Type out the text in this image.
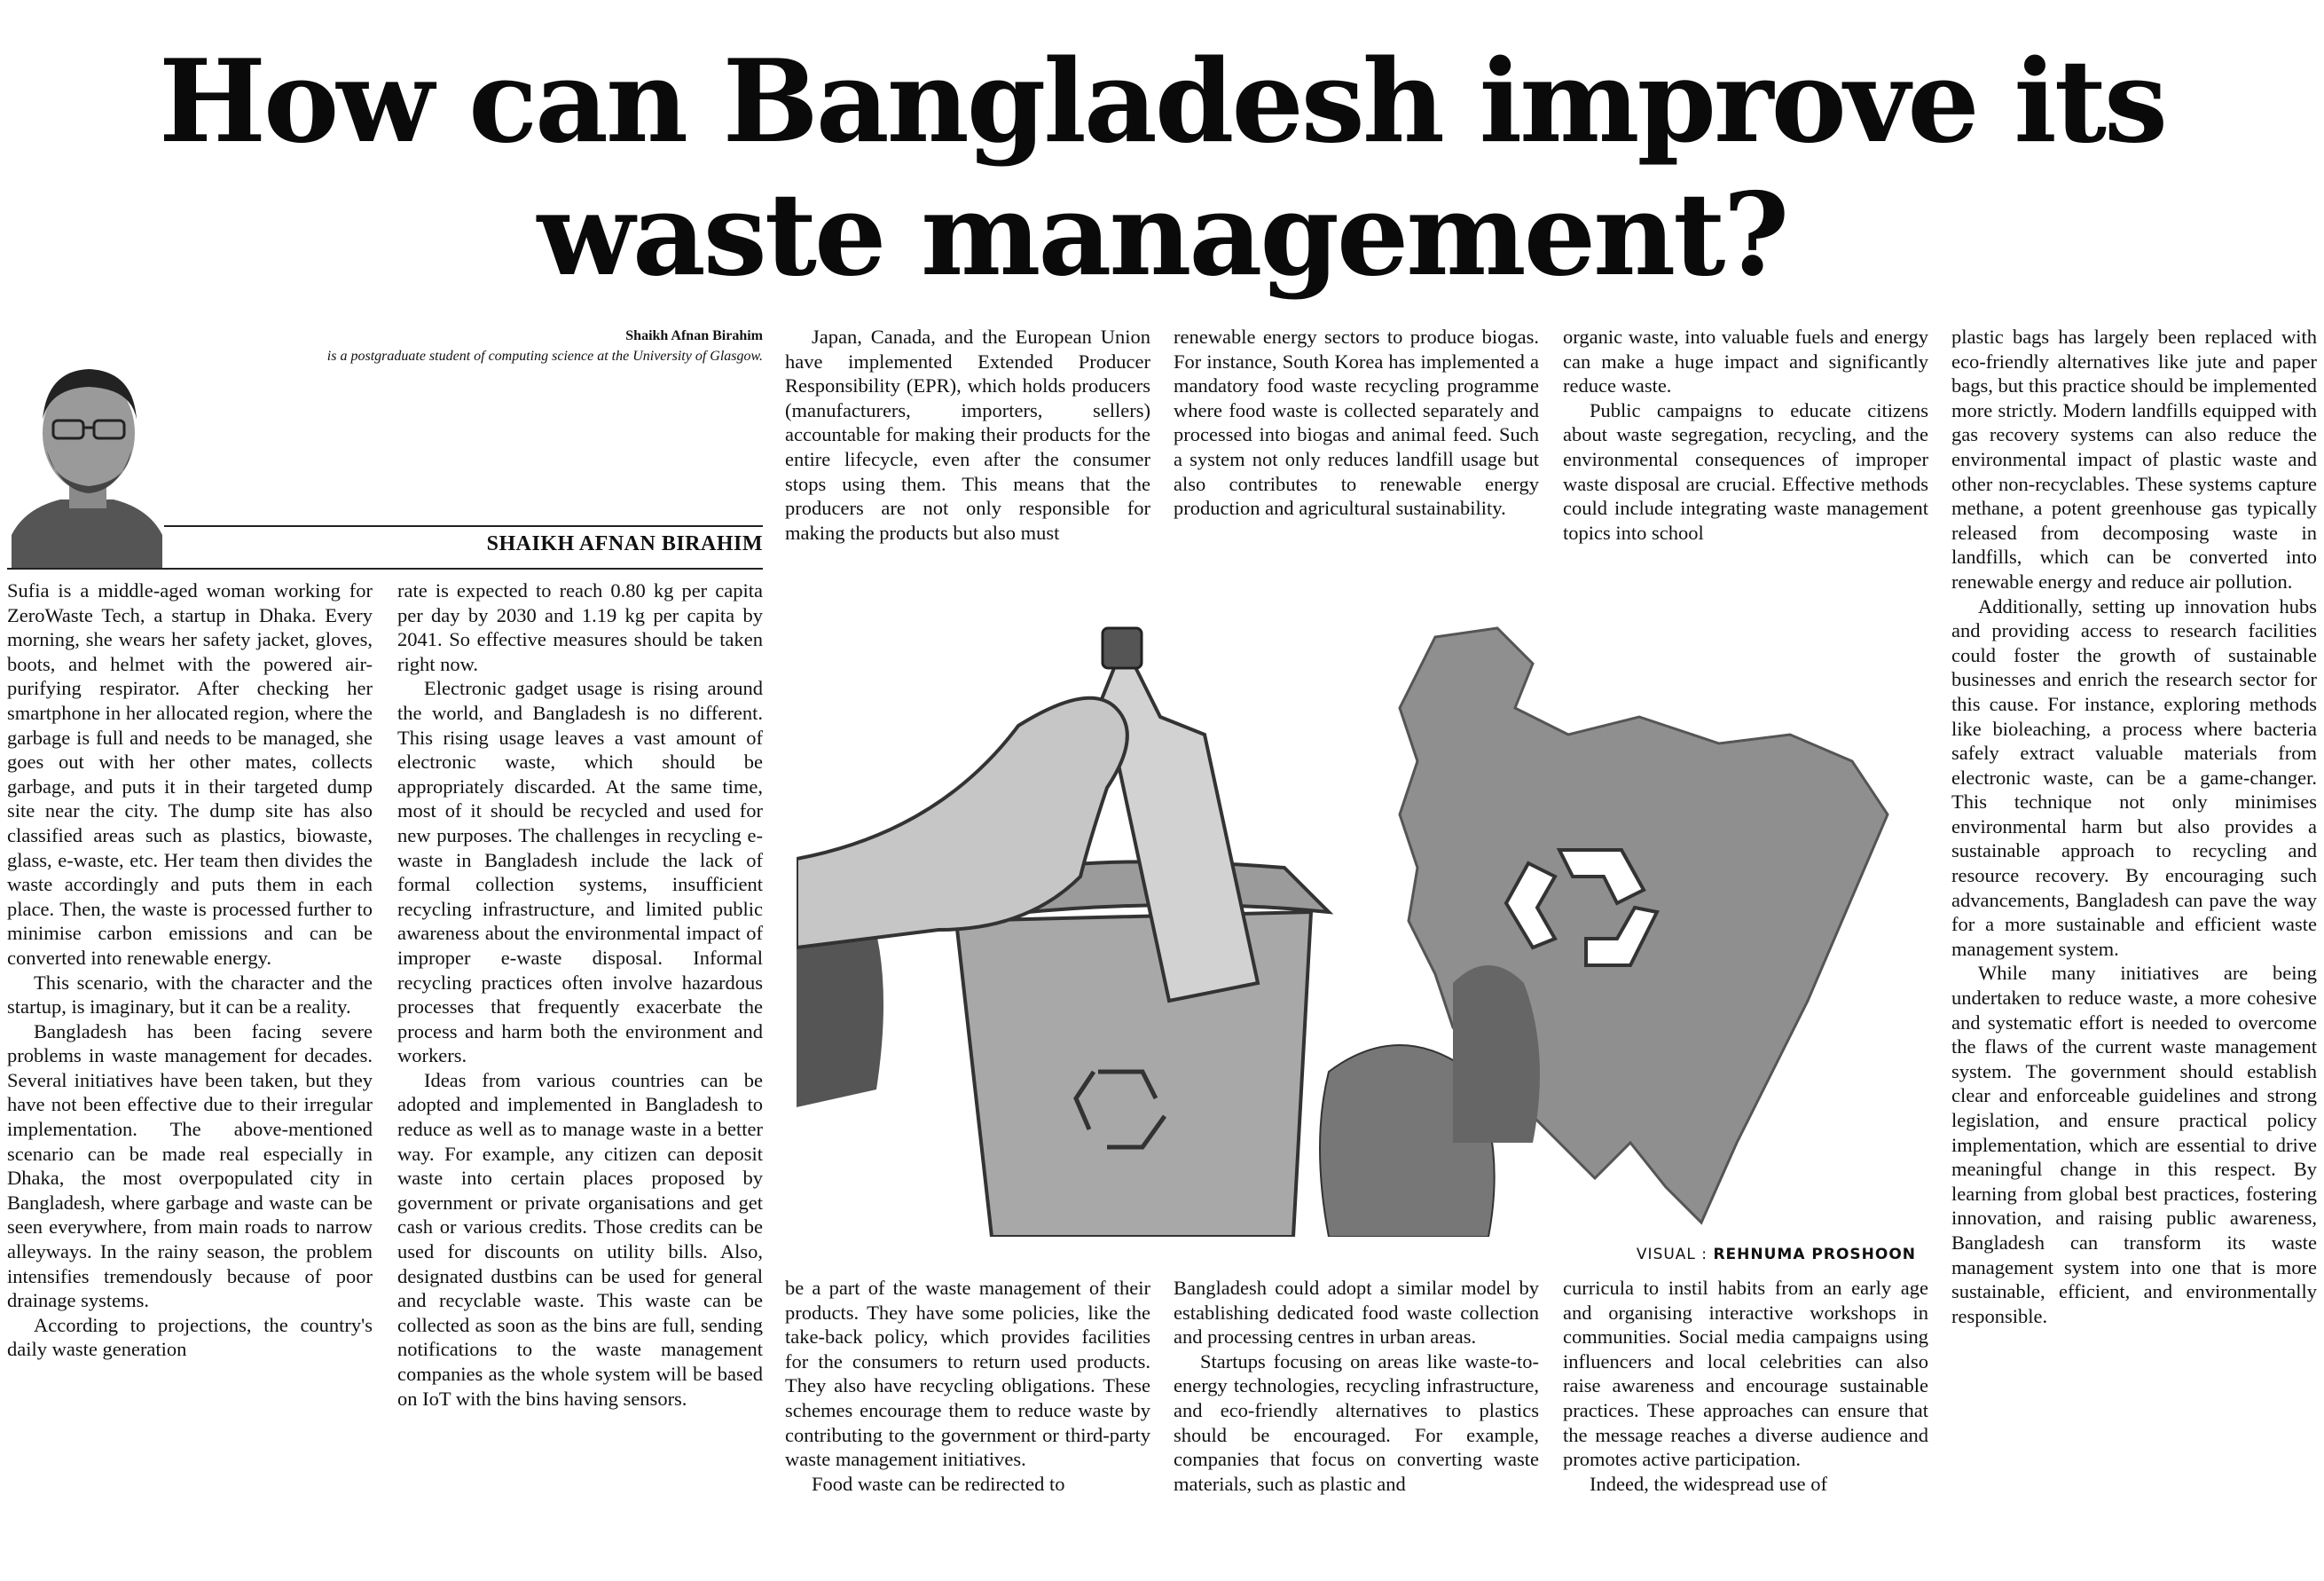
How can Bangladesh improve its
waste management?
Shaikh Afnan Birahim
is a postgraduate student of computing science at the University of Glasgow.
SHAIKH AFNAN BIRAHIM

Sufia is a middle-aged woman working for ZeroWaste Tech, a startup in Dhaka. Every morning, she wears her safety jacket, gloves, boots, and helmet with the powered air-purifying respirator. After checking her smartphone in her allocated region, where the garbage is full and needs to be managed, she goes out with her other mates, collects garbage, and puts it in their targeted dump site near the city. The dump site has also classified areas such as plastics, biowaste, glass, e-waste, etc. Her team then divides the waste accordingly and puts them in each place. Then, the waste is processed further to minimise carbon emissions and can be converted into renewable energy.

This scenario, with the character and the startup, is imaginary, but it can be a reality.

Bangladesh has been facing severe problems in waste management for decades. Several initiatives have been taken, but they have not been effective due to their irregular implementation. The above-mentioned scenario can be made real especially in Dhaka, the most overpopulated city in Bangladesh, where garbage and waste can be seen everywhere, from main roads to narrow alleyways. In the rainy season, the problem intensifies tremendously because of poor drainage systems.

According to projections, the country's daily waste generation

rate is expected to reach 0.80 kg per capita per day by 2030 and 1.19 kg per capita by 2041. So effective measures should be taken right now.

Electronic gadget usage is rising around the world, and Bangladesh is no different. This rising usage leaves a vast amount of electronic waste, which should be appropriately discarded. At the same time, most of it should be recycled and used for new purposes. The challenges in recycling e-waste in Bangladesh include the lack of formal collection systems, insufficient recycling infrastructure, and limited public awareness about the environmental impact of improper e-waste disposal. Informal recycling practices often involve hazardous processes that frequently exacerbate the process and harm both the environment and workers.

Ideas from various countries can be adopted and implemented in Bangladesh to reduce as well as to manage waste in a better way. For example, any citizen can deposit waste into certain places proposed by government or private organisations and get cash or various credits. Those credits can be used for discounts on utility bills. Also, designated dustbins can be used for general and recyclable waste. This waste can be collected as soon as the bins are full, sending notifications to the waste management companies as the whole system will be based on IoT with the bins having sensors.

Japan, Canada, and the European Union have implemented Extended Producer Responsibility (EPR), which holds producers (manufacturers, importers, sellers) accountable for making their products for the entire lifecycle, even after the consumer stops using them. This means that the producers are not only responsible for making the products but also must

renewable energy sectors to produce biogas. For instance, South Korea has implemented a mandatory food waste recycling programme where food waste is collected separately and processed into biogas and animal feed. Such a system not only reduces landfill usage but also contributes to renewable energy production and agricultural sustainability.

organic waste, into valuable fuels and energy can make a huge impact and significantly reduce waste.

Public campaigns to educate citizens about waste segregation, recycling, and the environmental consequences of improper waste disposal are crucial. Effective methods could include integrating waste management topics into school

plastic bags has largely been replaced with eco-friendly alternatives like jute and paper bags, but this practice should be implemented more strictly. Modern landfills equipped with gas recovery systems can also reduce the environmental impact of plastic waste and other non-recyclables. These systems capture methane, a potent greenhouse gas typically released from decomposing waste in landfills, which can be converted into renewable energy and reduce air pollution.

Additionally, setting up innovation hubs and providing access to research facilities could foster the growth of sustainable businesses and enrich the research sector for this cause. For instance, exploring methods like bioleaching, a process where bacteria safely extract valuable materials from electronic waste, can be a game-changer. This technique not only minimises environmental harm but also provides a sustainable approach to recycling and resource recovery. By encouraging such advancements, Bangladesh can pave the way for a more sustainable and efficient waste management system.

While many initiatives are being undertaken to reduce waste, a more cohesive and systematic effort is needed to overcome the flaws of the current waste management system. The government should establish clear and enforceable guidelines and strong legislation, and ensure practical policy implementation, which are essential to drive meaningful change in this respect. By learning from global best practices, fostering innovation, and raising public awareness, Bangladesh can transform its waste management system into one that is more sustainable, efficient, and environmentally responsible.

VISUAL : REHNUMA PROSHOON

be a part of the waste management of their products. They have some policies, like the take-back policy, which provides facilities for the consumers to return used products. They also have recycling obligations. These schemes encourage them to reduce waste by contributing to the government or third-party waste management initiatives.

Food waste can be redirected to

Bangladesh could adopt a similar model by establishing dedicated food waste collection and processing centres in urban areas.

Startups focusing on areas like waste-to-energy technologies, recycling infrastructure, and eco-friendly alternatives to plastics should be encouraged. For example, companies that focus on converting waste materials, such as plastic and

curricula to instil habits from an early age and organising interactive workshops in communities. Social media campaigns using influencers and local celebrities can also raise awareness and encourage sustainable practices. These approaches can ensure that the message reaches a diverse audience and promotes active participation.

Indeed, the widespread use of
